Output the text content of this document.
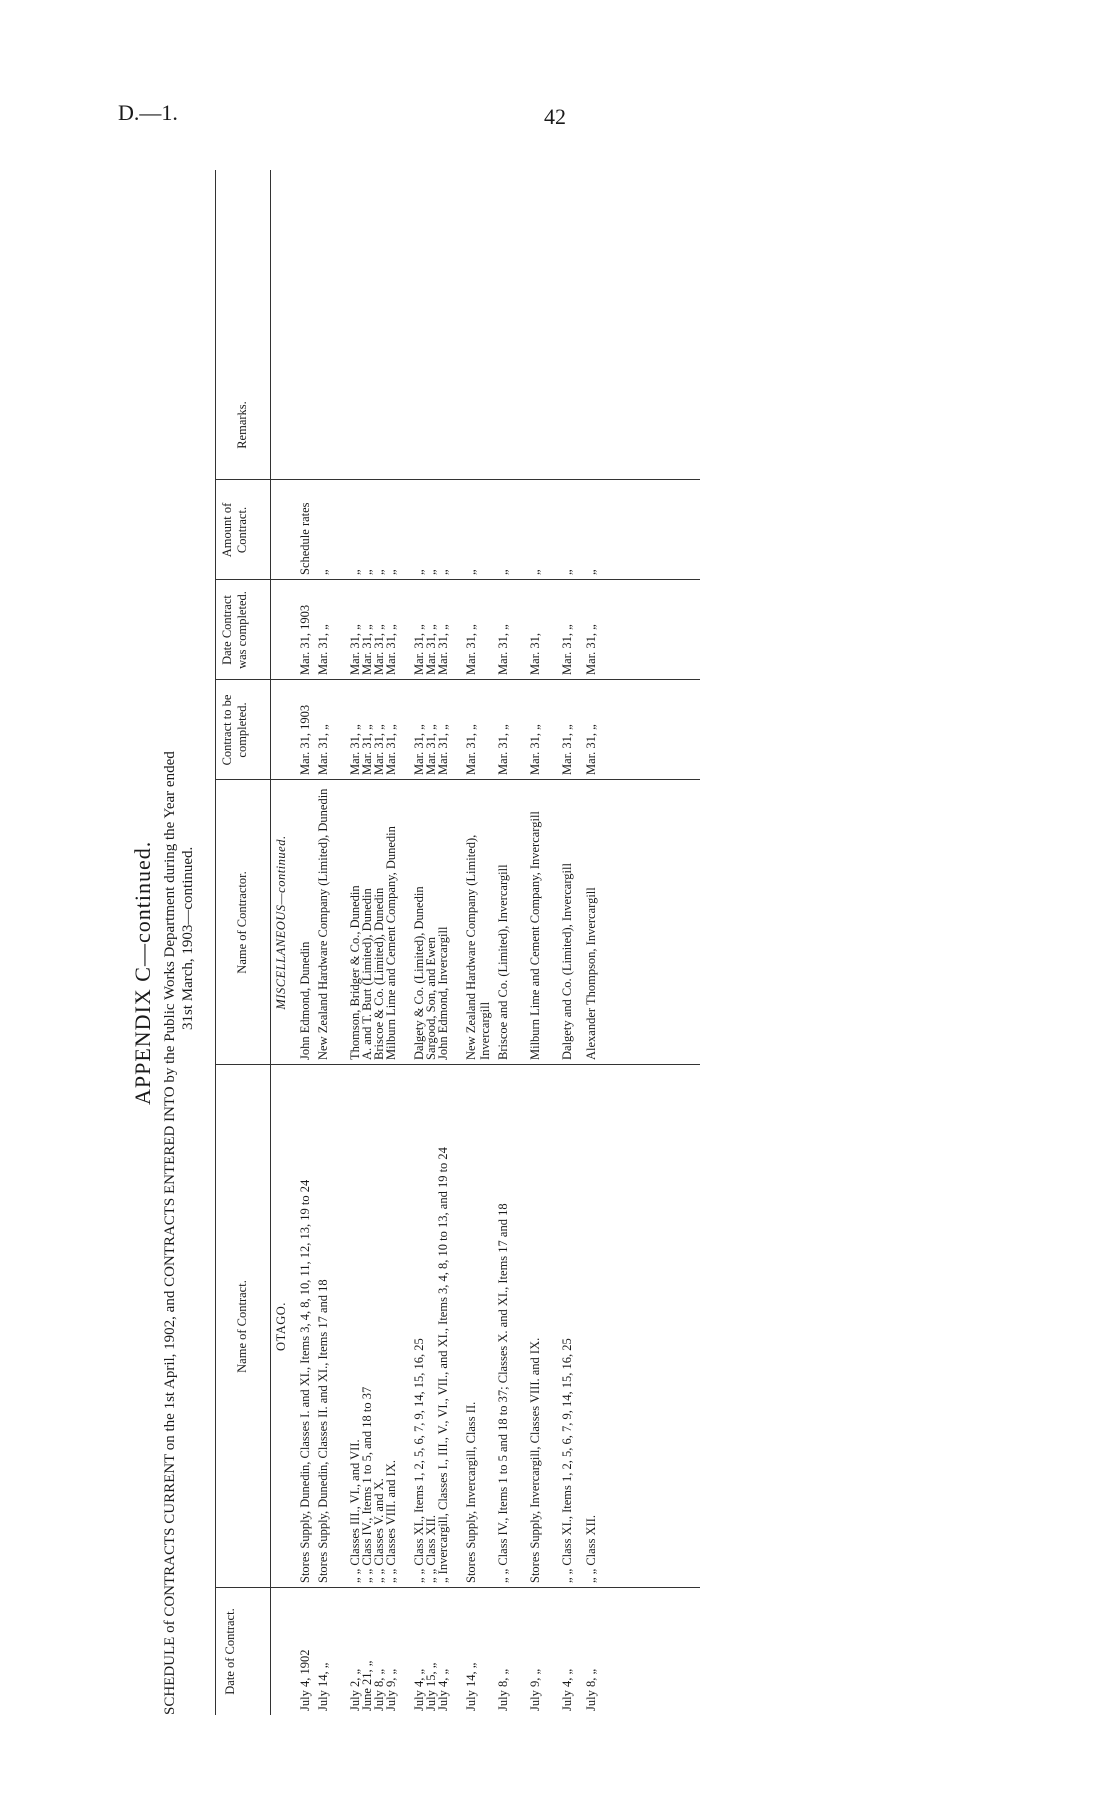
D.—1.	42
APPENDIX C—continued. SCHEDULE of CONTRACTS CURRENT on the 1st April, 1902, and CONTRACTS ENTERED INTO by the Public Works Department during the Year ended 31st March, 1903—continued.
Date of Contract.
Name of Contract.
Name of Contractor.
Contract to be completed.
Date Contract was completed.
Amount of Contract.
Remarks.
OTAGO.
MISCELLANEOUS—continued.
July 4, 1902
Stores Supply, Dunedin, Classes I. and XI., Items 3, 4, 8, 10, 11, 12, 13, 19 to 24
John Edmond, Dunedin
Mar. 31, 1903
Mar. 31, 1903
Schedule rates
July 14, „
Stores Supply, Dunedin, Classes II. and XI., Items 17 and 18
New Zealand Hardware Company (Limited), Dunedin
Mar. 31, „
Mar. 31, „
„
July 2, „
„ „ Classes III., VI., and VII.
Thomson, Bridger & Co., Dunedin
Mar. 31, „
Mar. 31, „
„
June 21, „
„ „ Class IV., Items 1 to 5, and 18 to 37
A. and T. Burt (Limited), Dunedin
Mar. 31, „
Mar. 31, „
„
July 8, „
„ „ Classes V. and X.
Briscoe & Co. (Limited), Dunedin
Mar. 31, „
Mar. 31, „
„
July 9, „
„ „ Classes VIII. and IX.
Milburn Lime and Cement Company, Dunedin
Mar. 31, „
Mar. 31, „
„
July 4, „
„ „ Class XI., Items 1, 2, 5, 6, 7, 9, 14, 15, 16, 25
Dalgety & Co. (Limited), Dunedin
Mar. 31, „
Mar. 31, „
„
July 15, „
„ „ Class XII.
Sargood, Son, and Ewen
Mar. 31, „
Mar. 31, „
„
July 4, „
„ Invercargill, Classes I., III., V., VI., VII., and XI., Items 3, 4, 8, 10 to 13, and 19 to 24
John Edmond, Invercargill
Mar. 31, „
Mar. 31, „
„
July 14, „
Stores Supply, Invercargill, Class II.
New Zealand Hardware Company (Limited), Invercargill
Mar. 31, „
Mar. 31, „
„
July 8, „
„ „ Class IV., Items 1 to 5 and 18 to 37; Classes X. and XI., Items 17 and 18
Briscoe and Co. (Limited), Invercargill
Mar. 31, „
Mar. 31, „
„
July 9, „
Stores Supply, Invercargill, Classes VIII. and IX.
Milburn Lime and Cement Company, Invercargill
Mar. 31, „
Mar. 31,
„
July 4, „
„ „ Class XI., Items 1, 2, 5, 6, 7, 9, 14, 15, 16, 25
Dalgety and Co. (Limited), Invercargill
Mar. 31, „
Mar. 31, „
„
July 8, „
„ „ Class XII.
Alexander Thompson, Invercargill
Mar. 31, „
Mar. 31, „
„
